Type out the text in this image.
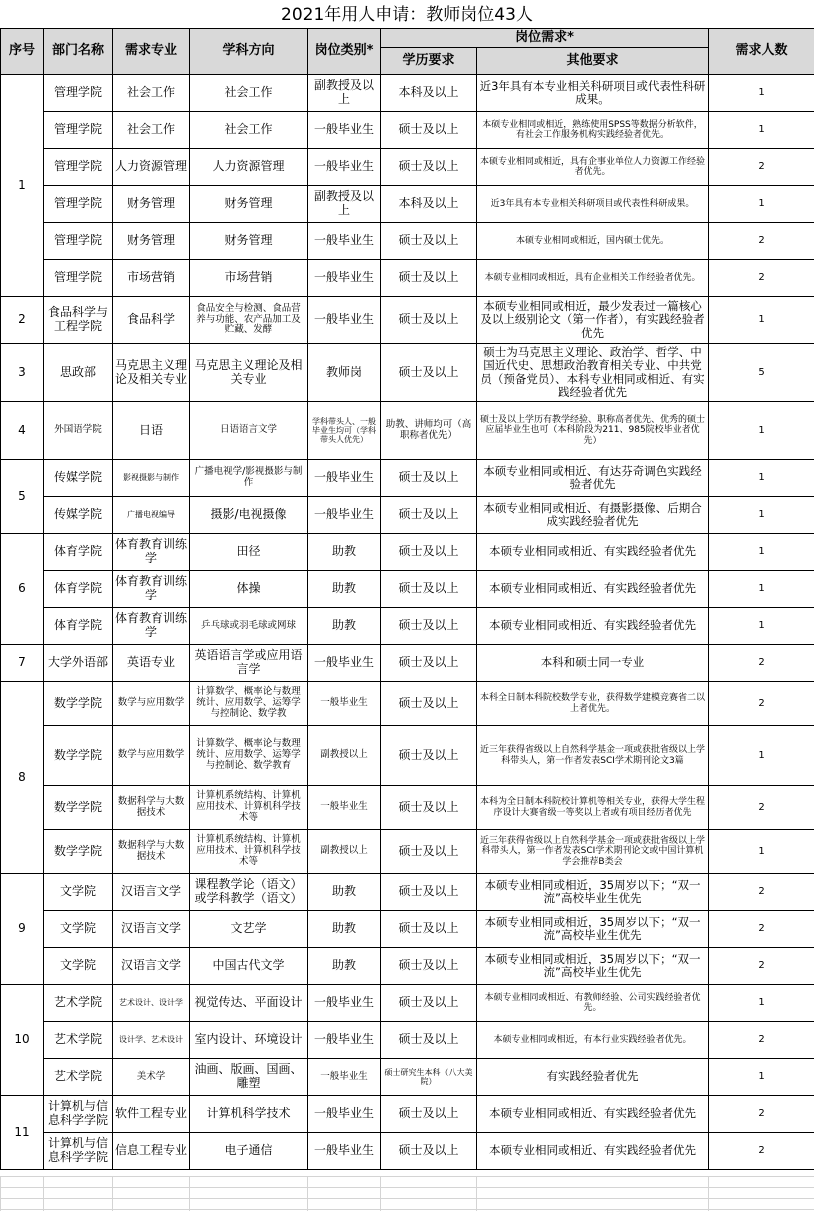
2021年用人申请：教师岗位43人
序号	部门名称	需求专业	学科方向	岗位类别*	岗位需求*		需求人数
					学历要求	其他要求	
1	管理学院	社会工作	社会工作	副教授及以上	本科及以上	近3年具有本专业相关科研项目或代表性科研成果。	1
	管理学院	社会工作	社会工作	一般毕业生	硕士及以上	本硕专业相同或相近，熟练使用SPSS等数据分析软件，有社会工作服务机构实践经验者优先。	1
	管理学院	人力资源管理	人力资源管理	一般毕业生	硕士及以上	本硕专业相同或相近，具有企事业单位人力资源工作经验者优先。	2
	管理学院	财务管理	财务管理	副教授及以上	本科及以上	近3年具有本专业相关科研项目或代表性科研成果。	1
	管理学院	财务管理	财务管理	一般毕业生	硕士及以上	本硕专业相同或相近，国内硕士优先。	2
	管理学院	市场营销	市场营销	一般毕业生	硕士及以上	本硕专业相同或相近，具有企业相关工作经验者优先。	2
2	食品科学与工程学院	食品科学	食品安全与检测、食品营养与功能、农产品加工及贮藏、发酵	一般毕业生	硕士及以上	本硕专业相同或相近，最少发表过一篇核心及以上级别论文（第一作者），有实践经验者优先	1
3	思政部	马克思主义理论及相关专业	马克思主义理论及相关专业	教师岗	硕士及以上	硕士为马克思主义理论、政治学、哲学、中国近代史、思想政治教育相关专业、中共党员（预备党员）、本科专业相同或相近、有实践经验者优先	5
4	外国语学院	日语	日语语言文学	学科带头人、一般毕业生均可（学科带头人优先）	助教、讲师均可（高职称者优先）	硕士及以上学历有教学经验、职称高者优先、优秀的硕士应届毕业生也可（本科阶段为211、985院校毕业者优先）	1
5	传媒学院	影视摄影与制作	广播电视学/影视摄影与制作	一般毕业生	硕士及以上	本硕专业相同或相近、有达芬奇调色实践经验者优先	1
	传媒学院	广播电视编导	摄影/电视摄像	一般毕业生	硕士及以上	本硕专业相同或相近、有摄影摄像、后期合成实践经验者优先	1
6	体育学院	体育教育训练学	田径	助教	硕士及以上	本硕专业相同或相近、有实践经验者优先	1
	体育学院	体育教育训练学	体操	助教	硕士及以上	本硕专业相同或相近、有实践经验者优先	1
	体育学院	体育教育训练学	乒乓球或羽毛球或网球	助教	硕士及以上	本硕专业相同或相近、有实践经验者优先	1
7	大学外语部	英语专业	英语语言学或应用语言学	一般毕业生	硕士及以上	本科和硕士同一专业	2
8	数学学院	数学与应用数学	计算数学、概率论与数理统计、应用数学、运筹学与控制论、数学教	一般毕业生	硕士及以上	本科全日制本科院校数学专业，获得数学建模竞赛省二以上者优先。	2
	数学学院	数学与应用数学	计算数学、概率论与数理统计、应用数学、运筹学与控制论、数学教育	副教授以上	硕士及以上	近三年获得省级以上自然科学基金一项或获批省级以上学科带头人，第一作者发表SCI学术期刊论文3篇	1
	数学学院	数据科学与大数据技术	计算机系统结构、计算机应用技术、计算机科学技术等	一般毕业生	硕士及以上	本科为全日制本科院校计算机等相关专业，获得大学生程序设计大赛省级一等奖以上者或有项目经历者优先	2
	数学学院	数据科学与大数据技术	计算机系统结构、计算机应用技术、计算机科学技术等	副教授以上	硕士及以上	近三年获得省级以上自然科学基金一项或获批省级以上学科带头人，第一作者发表SCI学术期刊论文或中国计算机学会推荐B类会	1
9	文学院	汉语言文学	课程教学论（语文）或学科教学（语文）	助教	硕士及以上	本硕专业相同或相近，35周岁以下；“双一流”高校毕业生优先	2
	文学院	汉语言文学	文艺学	助教	硕士及以上	本硕专业相同或相近，35周岁以下；“双一流”高校毕业生优先	2
	文学院	汉语言文学	中国古代文学	助教	硕士及以上	本硕专业相同或相近，35周岁以下；“双一流”高校毕业生优先	2
10	艺术学院	艺术设计、设计学	视觉传达、平面设计	一般毕业生	硕士及以上	本硕专业相同或相近、有教师经验、公司实践经验者优先。	1
	艺术学院	设计学、艺术设计	室内设计、环境设计	一般毕业生	硕士及以上	本硕专业相同或相近，有本行业实践经验者优先。	2
	艺术学院	美术学	油画、版画、国画、雕塑	一般毕业生	硕士研究生本科（八大美院）	有实践经验者优先	1
11	计算机与信息科学学院	软件工程专业	计算机科学技术	一般毕业生	硕士及以上	本硕专业相同或相近、有实践经验者优先	2
	计算机与信息科学学院	信息工程专业	电子通信	一般毕业生	硕士及以上	本硕专业相同或相近、有实践经验者优先	2
